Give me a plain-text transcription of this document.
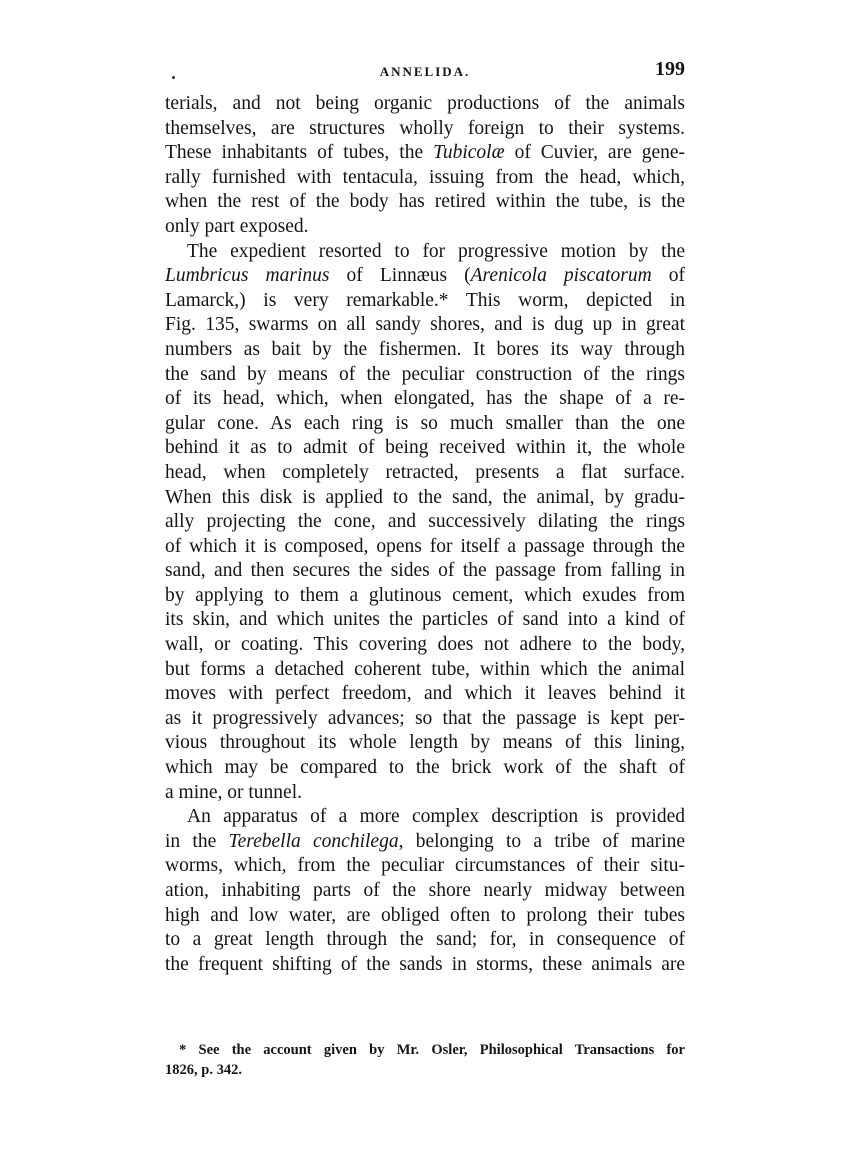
ANNELIDA.	199
terials, and not being organic productions of the animals
themselves, are structures wholly foreign to their systems.
These inhabitants of tubes, the Tubicolæ of Cuvier, are gene-
rally furnished with tentacula, issuing from the head, which,
when the rest of the body has retired within the tube, is the
only part exposed.
The expedient resorted to for progressive motion by the
Lumbricus marinus of Linnæus (Arenicola piscatorum of
Lamarck,) is very remarkable.* This worm, depicted in
Fig. 135, swarms on all sandy shores, and is dug up in great
numbers as bait by the fishermen. It bores its way through
the sand by means of the peculiar construction of the rings
of its head, which, when elongated, has the shape of a re-
gular cone. As each ring is so much smaller than the one
behind it as to admit of being received within it, the whole
head, when completely retracted, presents a flat surface.
When this disk is applied to the sand, the animal, by gradu-
ally projecting the cone, and successively dilating the rings
of which it is composed, opens for itself a passage through the
sand, and then secures the sides of the passage from falling in
by applying to them a glutinous cement, which exudes from
its skin, and which unites the particles of sand into a kind of
wall, or coating. This covering does not adhere to the body,
but forms a detached coherent tube, within which the animal
moves with perfect freedom, and which it leaves behind it
as it progressively advances; so that the passage is kept per-
vious throughout its whole length by means of this lining,
which may be compared to the brick work of the shaft of
a mine, or tunnel.
An apparatus of a more complex description is provided
in the Terebella conchilega, belonging to a tribe of marine
worms, which, from the peculiar circumstances of their situ-
ation, inhabiting parts of the shore nearly midway between
high and low water, are obliged often to prolong their tubes
to a great length through the sand; for, in consequence of
the frequent shifting of the sands in storms, these animals are
* See the account given by Mr. Osler, Philosophical Transactions for
1826, p. 342.
